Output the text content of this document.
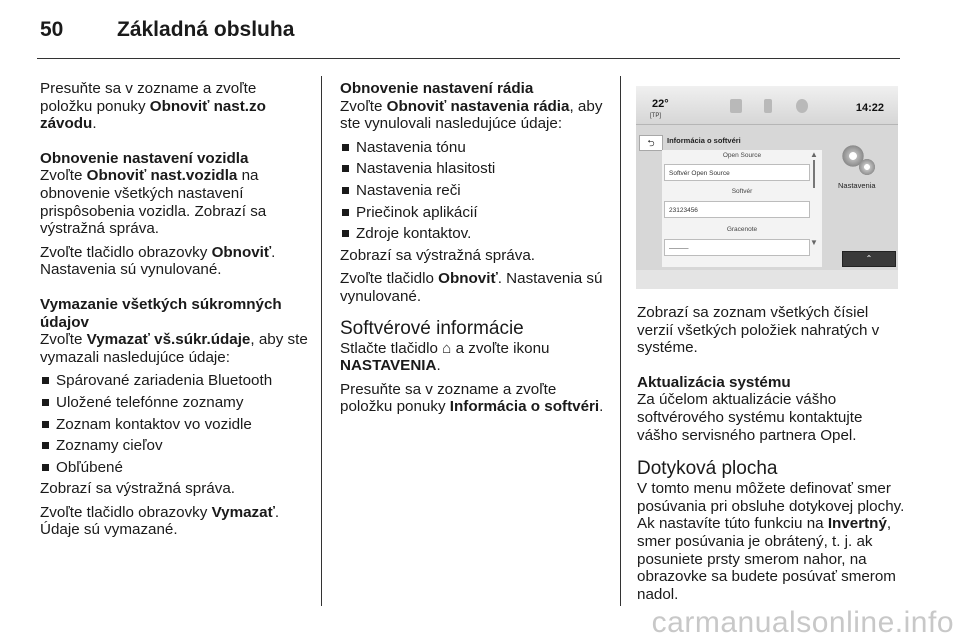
50	Základná obsluha

Presuňte sa v zozname a zvoľte položku ponuky Obnoviť nast.zo závodu.

Obnovenie nastavení vozidla

Zvoľte Obnoviť nast.vozidla na obnovenie všetkých nastavení prispôsobenia vozidla. Zobrazí sa výstražná správa.

Zvoľte tlačidlo obrazovky Obnoviť. Nastavenia sú vynulované.

Vymazanie všetkých súkromných údajov

Zvoľte Vymazať vš.súkr.údaje, aby ste vymazali nasledujúce údaje:

Spárované zariadenia Bluetooth
Uložené telefónne zoznamy
Zoznam kontaktov vo vozidle
Zoznamy cieľov
Obľúbené

Zobrazí sa výstražná správa.

Zvoľte tlačidlo obrazovky Vymazať. Údaje sú vymazané.

Obnovenie nastavení rádia

Zvoľte Obnoviť nastavenia rádia, aby ste vynulovali nasledujúce údaje:

Nastavenia tónu
Nastavenia hlasitosti
Nastavenia reči
Priečinok aplikácií
Zdroje kontaktov.

Zobrazí sa výstražná správa.

Zvoľte tlačidlo Obnoviť. Nastavenia sú vynulované.

Softvérové informácie

Stlačte tlačidlo ⌂ a zvoľte ikonu NASTAVENIA.

Presuňte sa v zozname a zvoľte položku ponuky Informácia o softvéri.

22°
[TP]
14:22
⮌	Informácia o softvéri
Open Source
Softvér Open Source
Softvér
23123456
Gracenote
———
▲
▼
Nastavenia
⌃

Zobrazí sa zoznam všetkých čísiel verzií všetkých položiek nahratých v systéme.

Aktualizácia systému

Za účelom aktualizácie vášho softvérového systému kontaktujte vášho servisného partnera Opel.

Dotyková plocha

V tomto menu môžete definovať smer posúvania pri obsluhe dotykovej plochy. Ak nastavíte túto funkciu na Invertný, smer posúvania je obrátený, t. j. ak posuniete prsty smerom nahor, na obrazovke sa budete posúvať smerom nadol.

carmanualsonline.info
